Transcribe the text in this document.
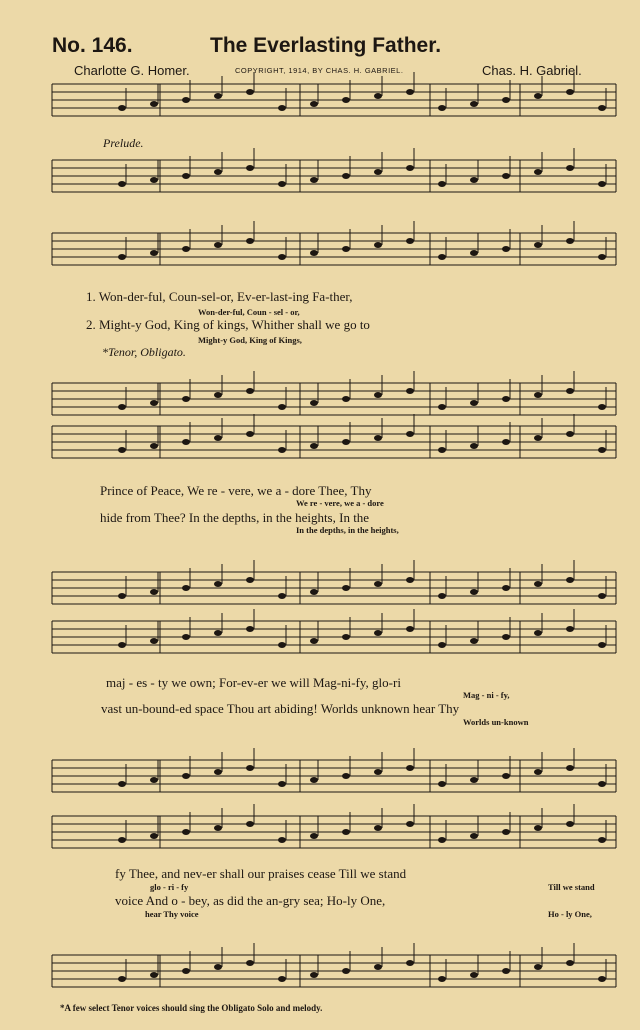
No. 146.	The Everlasting Father.
Charlotte G. Homer.	COPYRIGHT, 1914, BY CHAS. H. GABRIEL.	Chas. H. Gabriel.
Prelude.
1. Won-der-ful, Coun-sel-or, Ev-er-last-ing Fa-ther,
Won-der-ful, Coun - sel - or,
2. Might-y God, King of kings, Whither shall we go to
Might-y God, King of Kings,
*Tenor, Obligato.
Prince of Peace, We re - vere, we a - dore Thee, Thy
We re - vere, we a - dore
hide from Thee? In the depths, in the heights, In the
In the depths, in the heights,
maj - es - ty we own; For-ev-er we will Mag-ni-fy, glo-ri
Mag - ni - fy,
vast un-bound-ed space Thou art abiding! Worlds unknown hear Thy
Worlds un-known
fy Thee, and nev-er shall our praises cease Till we stand
glo - ri - fy	Till we stand
voice And o - bey, as did the an-gry sea; Ho-ly One,
hear Thy voice	Ho - ly One,
*A few select Tenor voices should sing the Obligato Solo and melody.
